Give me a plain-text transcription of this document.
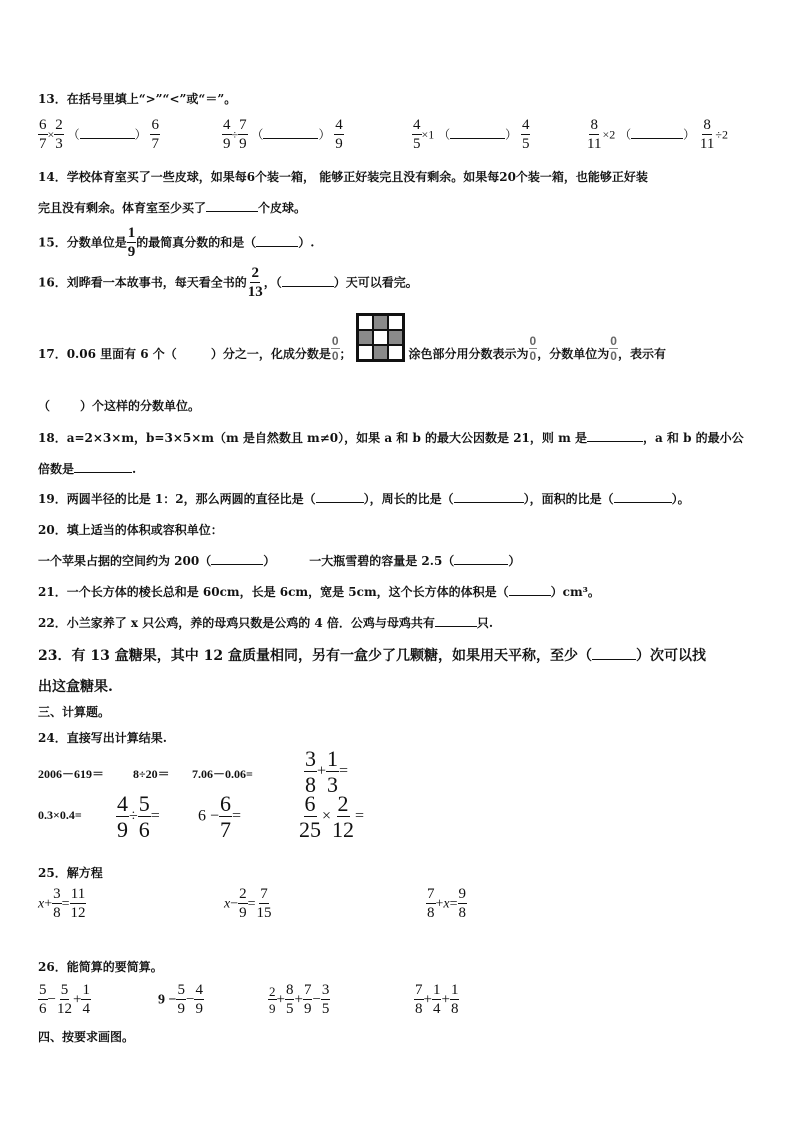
13．在括号里填上“>”“<”或“＝”。
$\frac{6}{7} \times \frac{2}{3}$ （	） $\frac{6}{7}$	$\frac{4}{9} \div \frac{7}{9}$ （	） $\frac{4}{9}$	$\frac{4}{5} \times 1$ （	） $\frac{4}{5}$	$\frac{8}{11} \times 2$ （	） $\frac{8}{11} \div 2$
14．学校体育室买了一些皮球，如果每6个装一箱， 能够正好装完且没有剩余。如果每20个装一箱，也能够正好装
完且没有剩余。体育室至少买了	个皮球。
15．分数单位是 $\frac{1}{9}$ 的最简真分数的和是（	）.
16．刘晔看一本故事书，每天看全书的 $\frac{2}{13}$ ，（	）天可以看完。
17．0.06 里面有 6 个（	）分之一，化成分数是 $\frac{0}{0}$ ；	涂色部分用分数表示为 $\frac{0}{0}$ ，分数单位为 $\frac{0}{0}$ ，表示有
（	）个这样的分数单位。
18．a=2×3×m，b=3×5×m（m 是自然数且 m≠0），如果 a 和 b 的最大公因数是 21，则 m 是	，a 和 b 的最小公
倍数是	.
19．两圆半径的比是 1：2，那么两圆的直径比是（	），周长的比是（	），面积的比是（	）。
20．填上适当的体积或容积单位：
一个苹果占据的空间约为 200（	）	一大瓶雪碧的容量是 2.5（	）
21．一个长方体的棱长总和是 60cm，长是 6cm，宽是 5cm，这个长方体的体积是（	）cm³。
22．小兰家养了 x 只公鸡，养的母鸡只数是公鸡的 4 倍．公鸡与母鸡共有	只.
23．有 13 盒糖果，其中 12 盒质量相同，另有一盒少了几颗糖，如果用天平称，至少（	）次可以找
出这盒糖果.
三、计算题。
24．直接写出计算结果.
$2006-619= 8\div 20= 7.06-0.06= \frac{3}{8} + \frac{1}{3}$ =
$0.3\times 0.4= \frac{4}{9} \div \frac{5}{6} = 6 - \frac{6}{7}$ =	$\frac{6}{25} \times \frac{2}{12}$ =
25．解方程
$x+ \frac{3}{8} = \frac{11}{12}$	$x- \frac{2}{9} = \frac{7}{15}$	$\frac{7}{8} +x= \frac{9}{8}$
26．能简算的要简算。
$\frac{5}{6} - \frac{5}{12} + \frac{1}{4}$	$9 - \frac{5}{9} - \frac{4}{9}$	$\frac{2}{9} + \frac{8}{5} + \frac{7}{9} - \frac{3}{5}$	$\frac{7}{8} + \frac{1}{4} + \frac{1}{8}$
四、按要求画图。
